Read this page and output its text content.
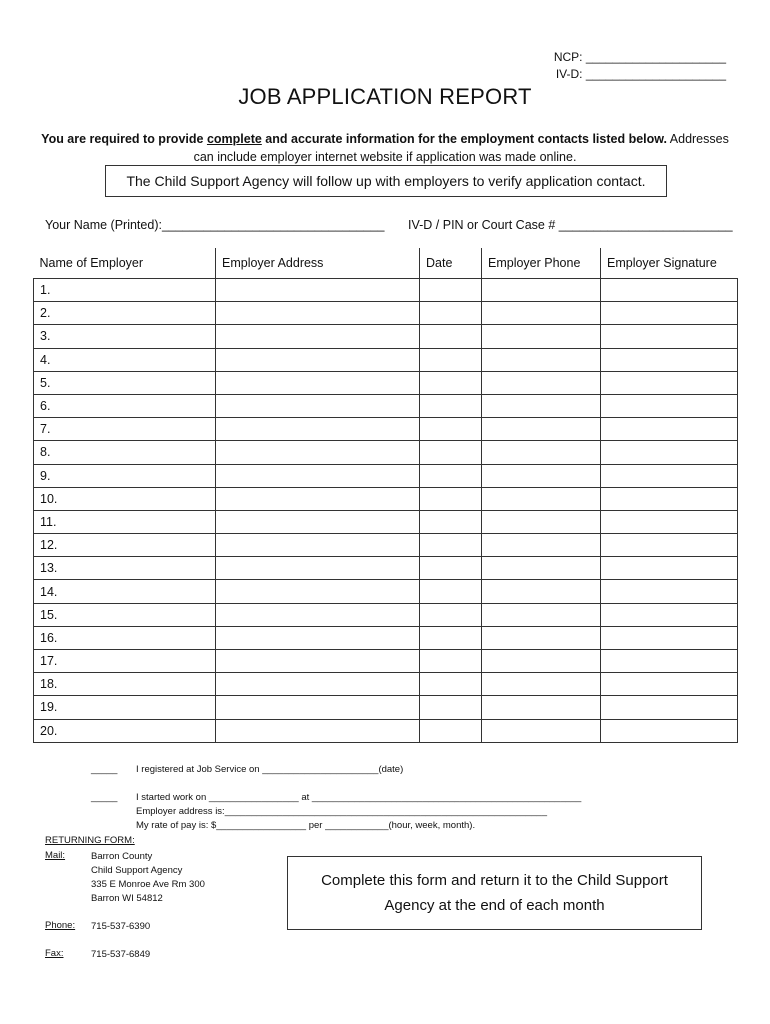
NCP: _____________________
IV-D: _____________________
JOB APPLICATION REPORT
You are required to provide complete and accurate information for the employment contacts listed below. Addresses can include employer internet website if application was made online.
The Child Support Agency will follow up with employers to verify application contact.
Your Name (Printed):________________________________ IV-D / PIN or Court Case # _________________________
Name of Employer	Employer Address	Date	Employer Phone	Employer Signature
1.				
2.				
3.				
4.				
5.				
6.				
7.				
8.				
9.				
10.				
11.				
12.				
13.				
14.				
15.				
16.				
17.				
18.				
19.				
20.				
_____ I registered at Job Service on ______________________(date)
_____ I started work on _________________ at ___________________________________________________
Employer address is:_____________________________________________________________
My rate of pay is: $_________________ per ____________(hour, week, month).
RETURNING FORM:
Mail:	Barron County
Child Support Agency
335 E Monroe Ave Rm 300
Barron WI 54812
Phone: 715-537-6390
Fax:	715-537-6849
Complete this form and return it to the Child Support
Agency at the end of each month
